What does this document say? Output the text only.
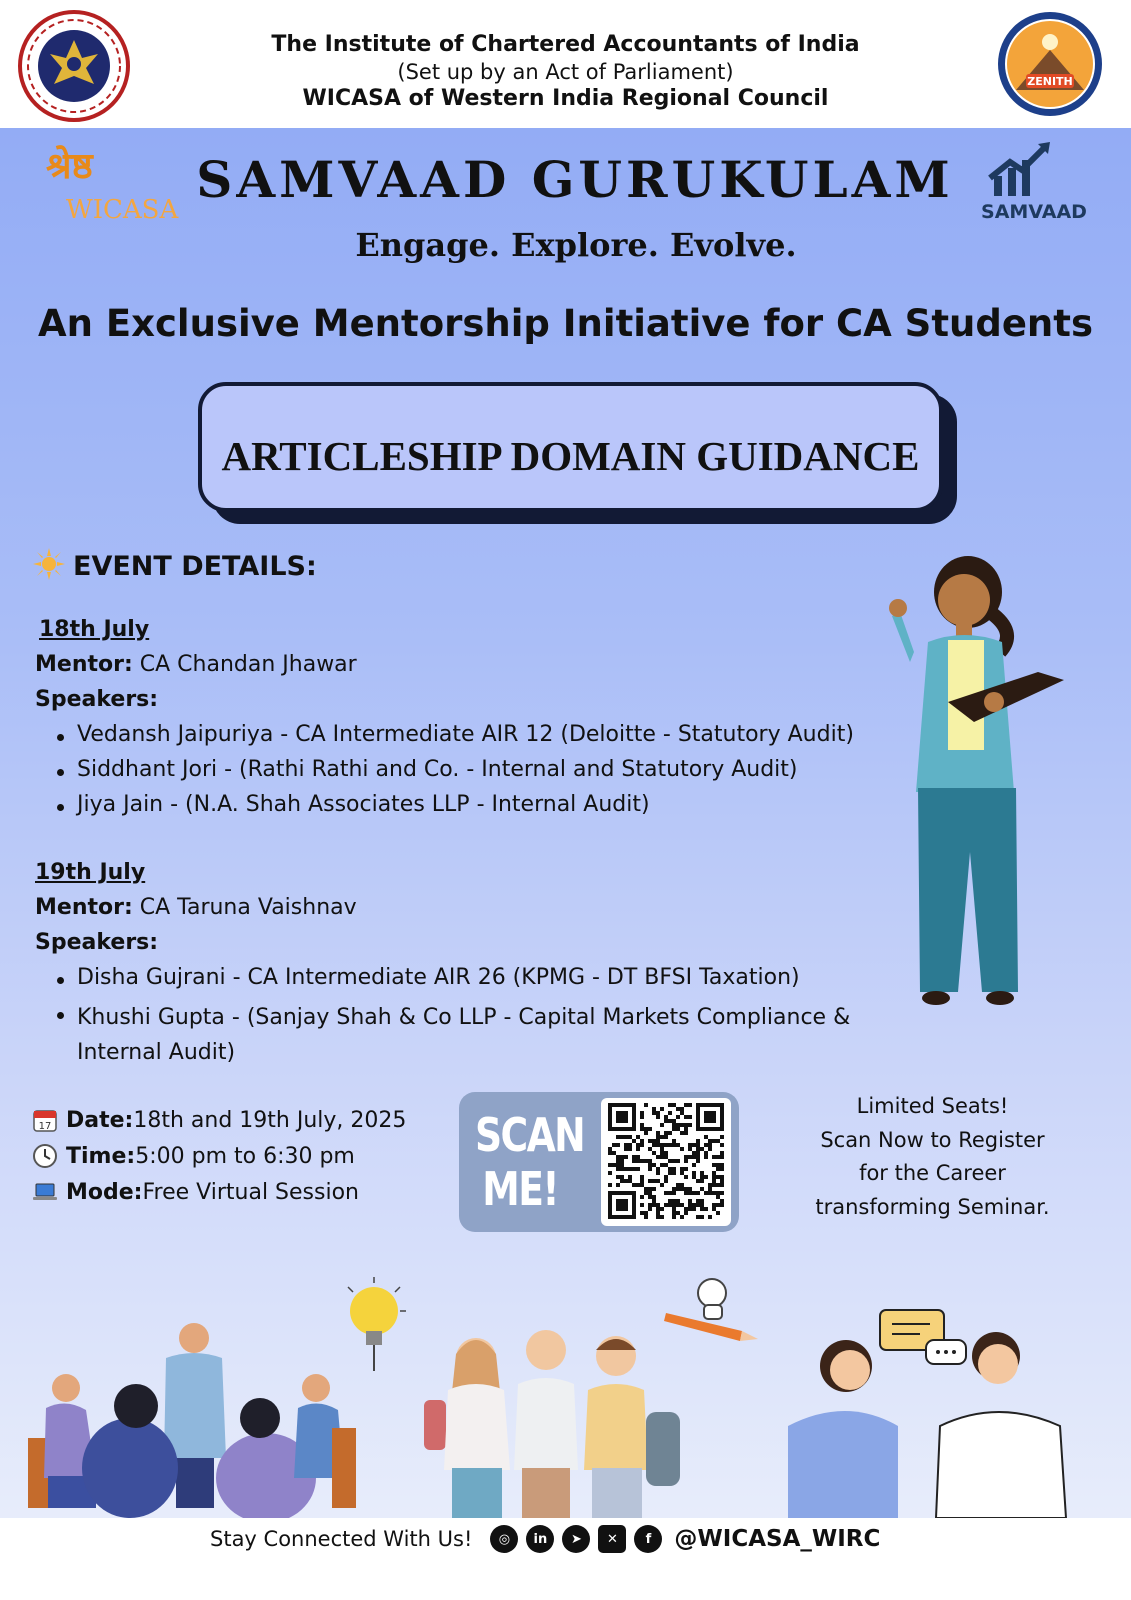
The Institute of Chartered Accountants of India
(Set up by an Act of Parliament)
WICASA of Western India Regional Council
ZENITH
श्रेष्ठ
WICASA	SAMVAAD
SAMVAAD GURUKULAM
Engage. Explore. Evolve.
An Exclusive Mentorship Initiative for CA Students
ARTICLESHIP DOMAIN GUIDANCE
EVENT DETAILS:
18th July
Mentor: CA Chandan Jhawar
Speakers:
Vedansh Jaipuriya - CA Intermediate AIR 12 (Deloitte - Statutory Audit)
Siddhant Jori - (Rathi Rathi and Co. - Internal and Statutory Audit)
Jiya Jain - (N.A. Shah Associates LLP - Internal Audit)
19th July
Mentor: CA Taruna Vaishnav
Speakers:
Disha Gujrani - CA Intermediate AIR 26 (KPMG - DT BFSI Taxation)
Khushi Gupta - (Sanjay Shah & Co LLP - Capital Markets Compliance & Internal Audit)
17 Date: 18th and 19th July, 2025
Time: 5:00 pm to 6:30 pm
Mode: Free Virtual Session
SCAN
ME!
Limited Seats!
Scan Now to Register
for the Career
transforming Seminar.
Stay Connected With Us!	◎	in	➤	✕	f	@WICASA_WIRC
